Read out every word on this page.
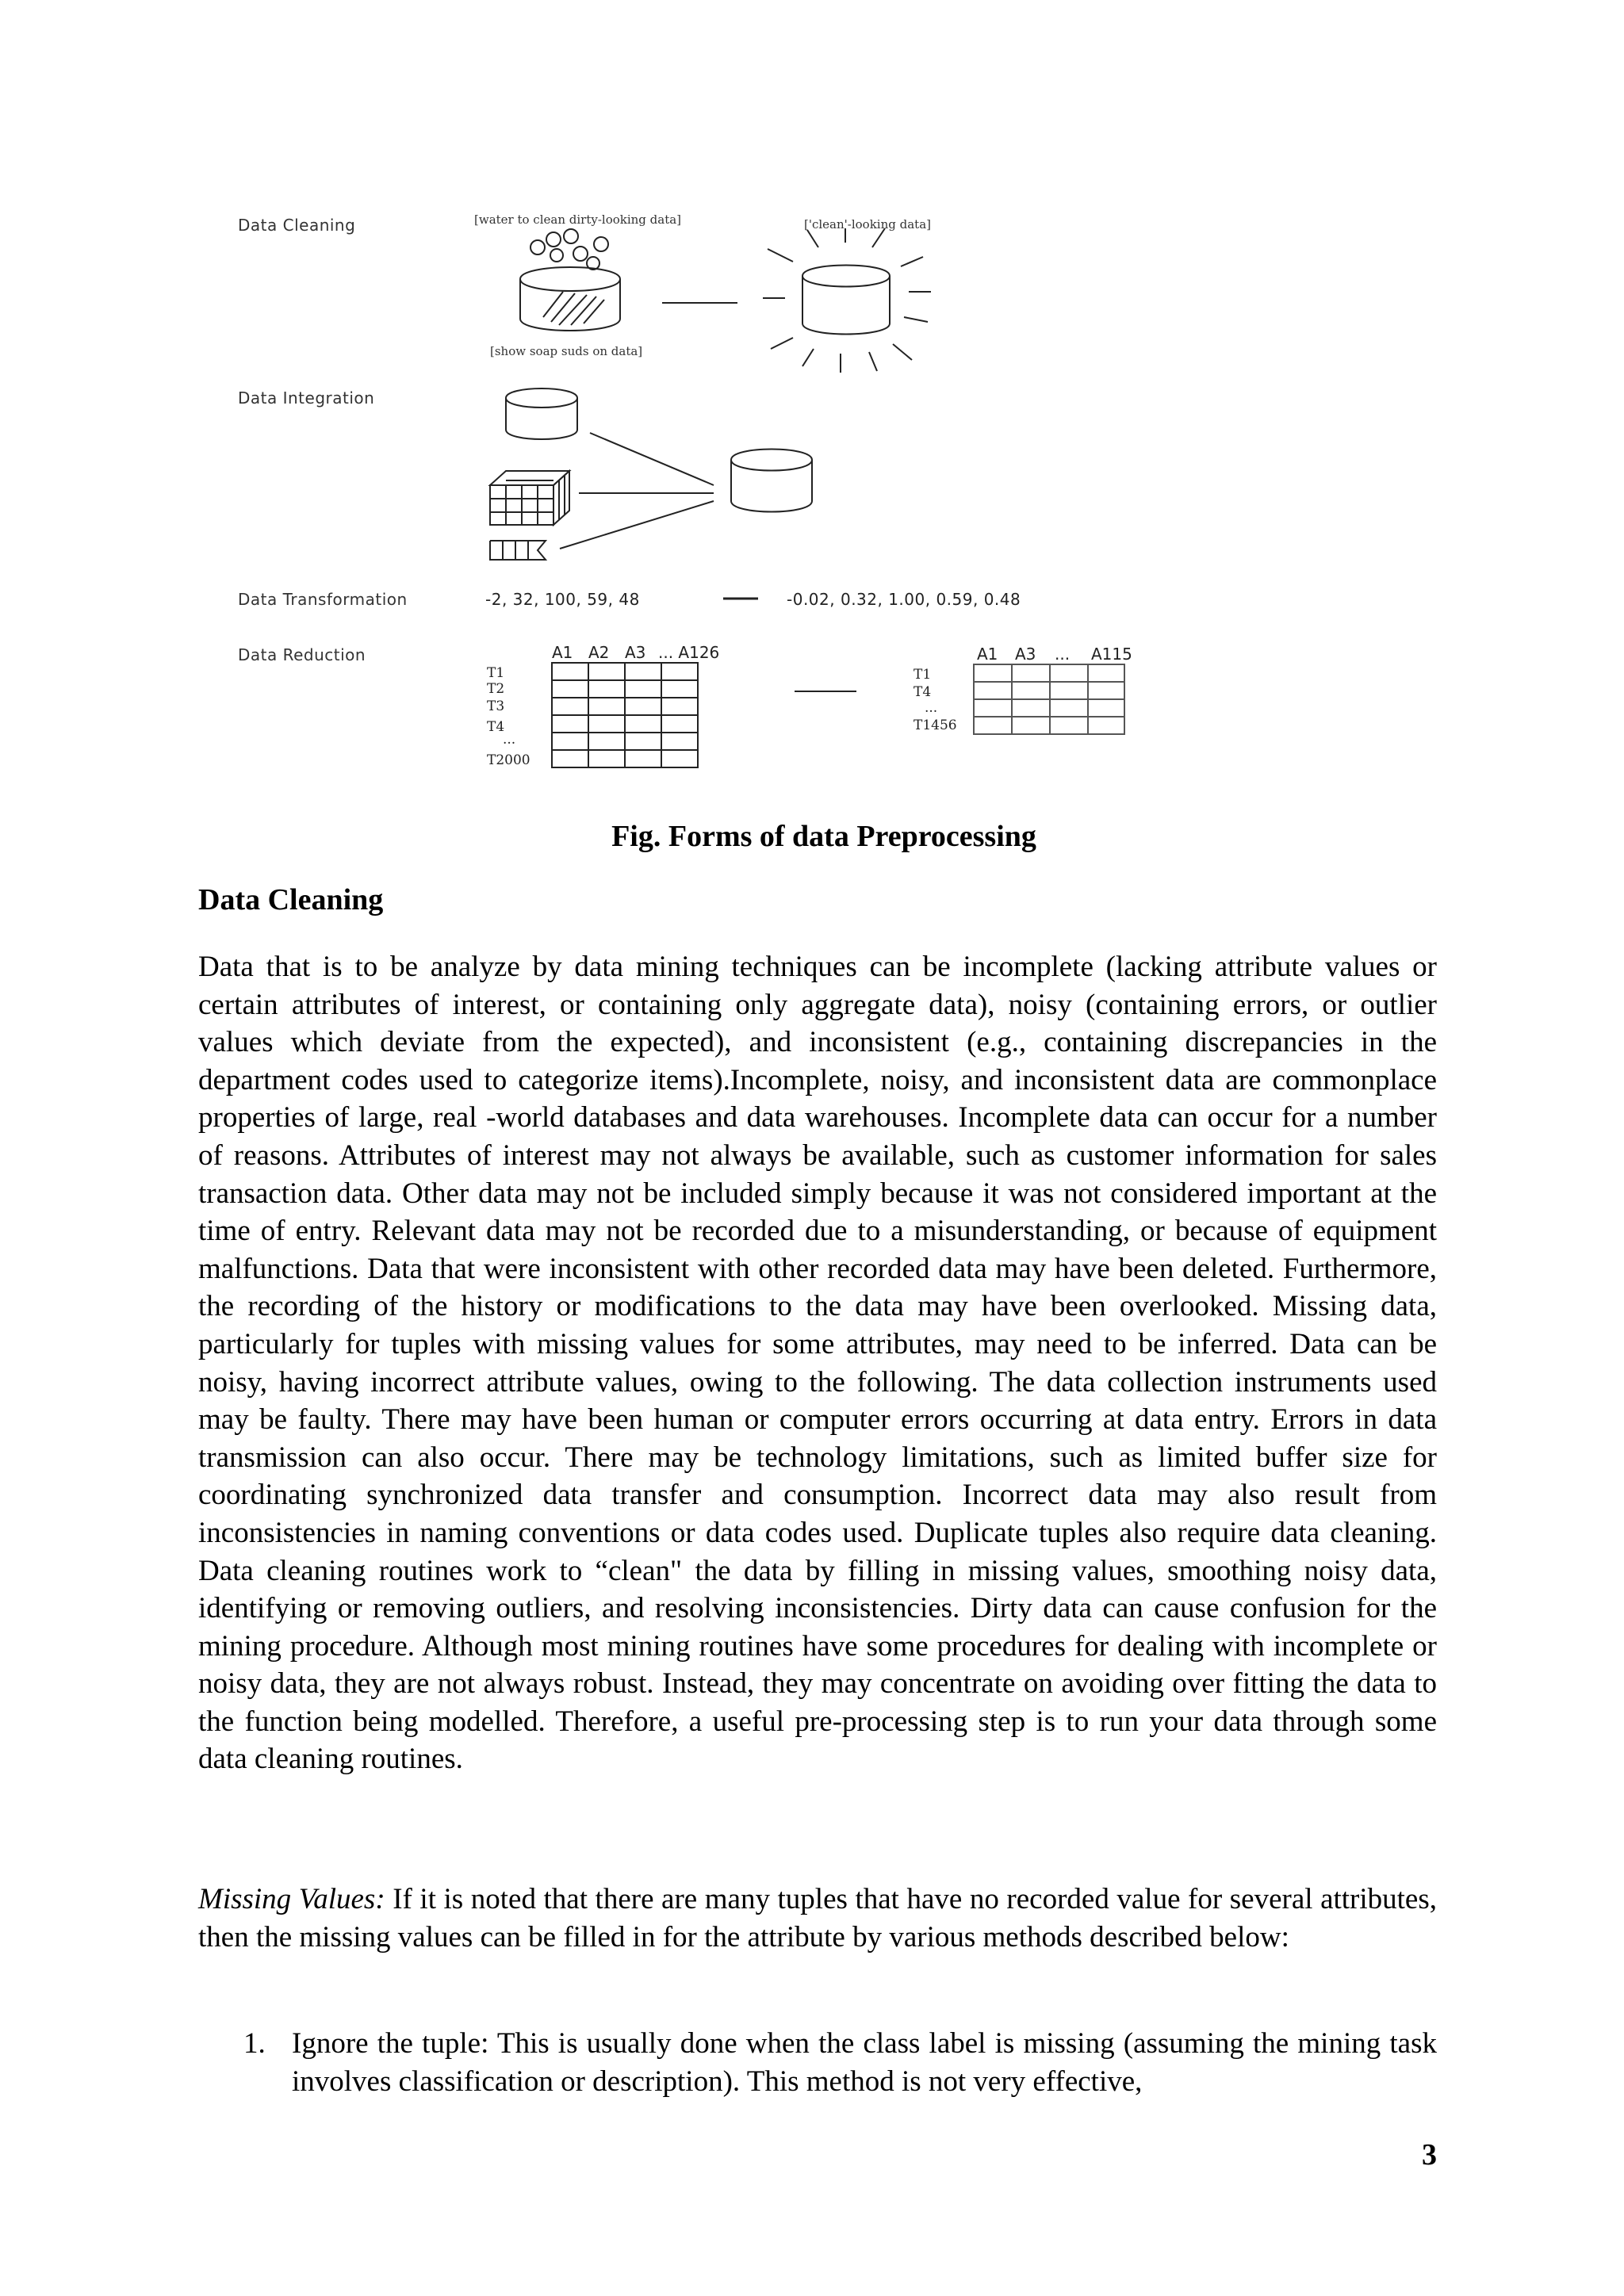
Data Cleaning
Data Integration
Data Transformation
Data Reduction
[water to clean dirty-looking data]	['clean'-looking data]
[show soap suds on data]
-2, 32, 100, 59, 48	-0.02, 0.32, 1.00, 0.59, 0.48
A1 A2 A3 ... A126
T1
T2
T3
T4
...
T2000
A1 A3 ... A115
T1
T4
...
T1456
Fig. Forms of data Preprocessing
Data Cleaning

Data that is to be analyze by data mining techniques can be incomplete (lacking attribute values or certain attributes of interest, or containing only aggregate data), noisy (containing errors, or outlier values which deviate from the expected), and inconsistent (e.g., containing discrepancies in the department codes used to categorize items).Incomplete, noisy, and inconsistent data are commonplace properties of large, real -world databases and data warehouses. Incomplete data can occur for a number of reasons. Attributes of interest may not always be available, such as customer information for sales transaction data. Other data may not be included simply because it was not considered important at the time of entry. Relevant data may not be recorded due to a misunderstanding, or because of equipment malfunctions. Data that were inconsistent with other recorded data may have been deleted. Furthermore, the recording of the history or modifications to the data may have been overlooked. Missing data, particularly for tuples with missing values for some attributes, may need to be inferred. Data can be noisy, having incorrect attribute values, owing to the following. The data collection instruments used may be faulty. There may have been human or computer errors occurring at data entry. Errors in data transmission can also occur. There may be technology limitations, such as limited buffer size for coordinating synchronized data transfer and consumption. Incorrect data may also result from inconsistencies in naming conventions or data codes used. Duplicate tuples also require data cleaning. Data cleaning routines work to “clean" the data by filling in missing values, smoothing noisy data, identifying or removing outliers, and resolving inconsistencies. Dirty data can cause confusion for the mining procedure. Although most mining routines have some procedures for dealing with incomplete or noisy data, they are not always robust. Instead, they may concentrate on avoiding over fitting the data to the function being modelled. Therefore, a useful pre-processing step is to run your data through some data cleaning routines.

Missing Values: If it is noted that there are many tuples that have no recorded value for several attributes, then the missing values can be filled in for the attribute by various methods described below:

1. Ignore the tuple: This is usually done when the class label is missing (assuming the mining task involves classification or description). This method is not very effective,
3
